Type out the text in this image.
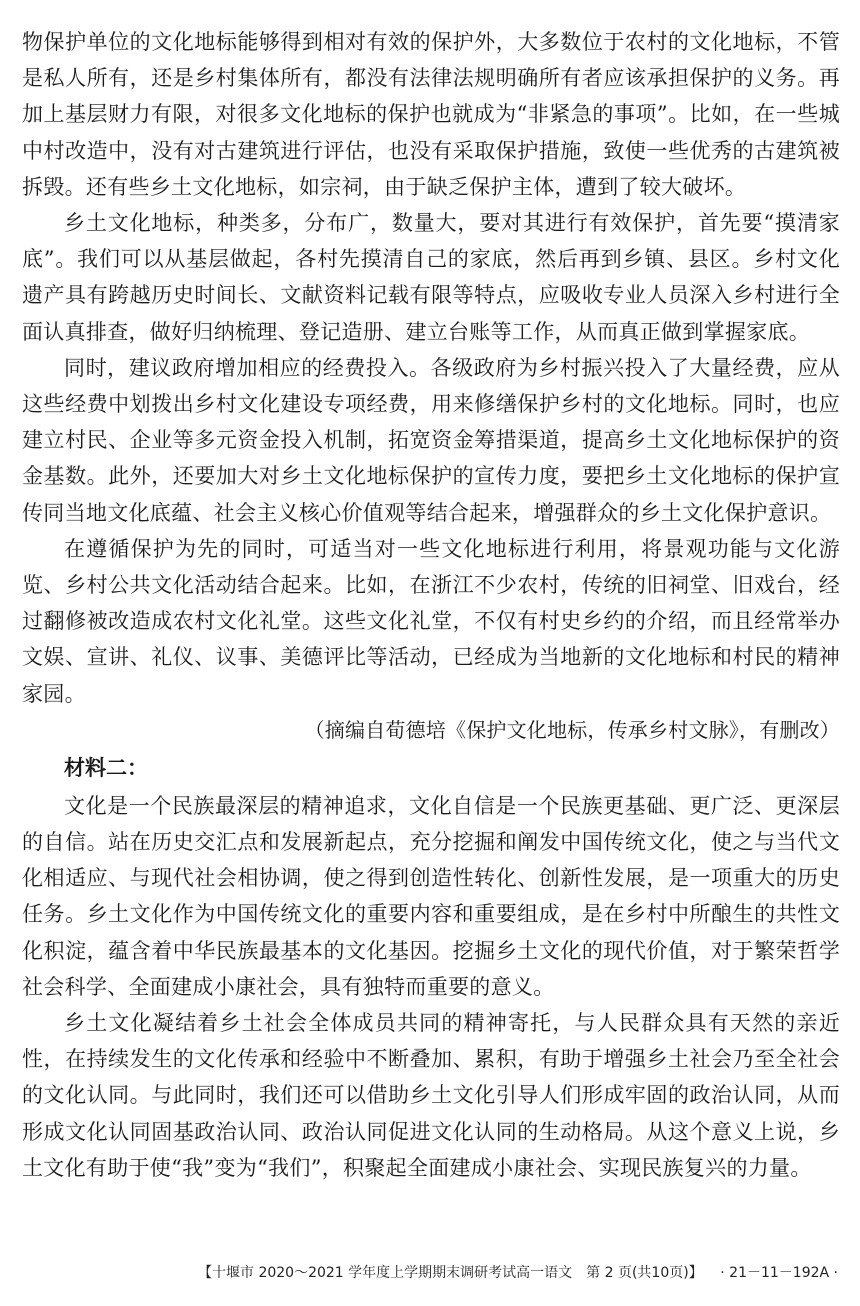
物保护单位的文化地标能够得到相对有效的保护外，大多数位于农村的文化地标，不管是私人所有，还是乡村集体所有，都没有法律法规明确所有者应该承担保护的义务。再加上基层财力有限，对很多文化地标的保护也就成为“非紧急的事项”。比如，在一些城中村改造中，没有对古建筑进行评估，也没有采取保护措施，致使一些优秀的古建筑被拆毁。还有些乡土文化地标，如宗祠，由于缺乏保护主体，遭到了较大破坏。

乡土文化地标，种类多，分布广，数量大，要对其进行有效保护，首先要“摸清家底”。我们可以从基层做起，各村先摸清自己的家底，然后再到乡镇、县区。乡村文化遗产具有跨越历史时间长、文献资料记载有限等特点，应吸收专业人员深入乡村进行全面认真排查，做好归纳梳理、登记造册、建立台账等工作，从而真正做到掌握家底。

同时，建议政府增加相应的经费投入。各级政府为乡村振兴投入了大量经费，应从这些经费中划拨出乡村文化建设专项经费，用来修缮保护乡村的文化地标。同时，也应建立村民、企业等多元资金投入机制，拓宽资金筹措渠道，提高乡土文化地标保护的资金基数。此外，还要加大对乡土文化地标保护的宣传力度，要把乡土文化地标的保护宣传同当地文化底蕴、社会主义核心价值观等结合起来，增强群众的乡土文化保护意识。

在遵循保护为先的同时，可适当对一些文化地标进行利用，将景观功能与文化游览、乡村公共文化活动结合起来。比如，在浙江不少农村，传统的旧祠堂、旧戏台，经过翻修被改造成农村文化礼堂。这些文化礼堂，不仅有村史乡约的介绍，而且经常举办文娱、宣讲、礼仪、议事、美德评比等活动，已经成为当地新的文化地标和村民的精神家园。

（摘编自荀德培《保护文化地标，传承乡村文脉》，有删改）

材料二：

文化是一个民族最深层的精神追求，文化自信是一个民族更基础、更广泛、更深层的自信。站在历史交汇点和发展新起点，充分挖掘和阐发中国传统文化，使之与当代文化相适应、与现代社会相协调，使之得到创造性转化、创新性发展，是一项重大的历史任务。乡土文化作为中国传统文化的重要内容和重要组成，是在乡村中所酿生的共性文化积淀，蕴含着中华民族最基本的文化基因。挖掘乡土文化的现代价值，对于繁荣哲学社会科学、全面建成小康社会，具有独特而重要的意义。

乡土文化凝结着乡土社会全体成员共同的精神寄托，与人民群众具有天然的亲近性，在持续发生的文化传承和经验中不断叠加、累积，有助于增强乡土社会乃至全社会的文化认同。与此同时，我们还可以借助乡土文化引导人们形成牢固的政治认同，从而形成文化认同固基政治认同、政治认同促进文化认同的生动格局。从这个意义上说，乡土文化有助于使“我”变为“我们”，积聚起全面建成小康社会、实现民族复兴的力量。

【十堰市 2020～2021 学年度上学期期末调研考试高一语文　第 2 页(共10页)】 · 21－11－192A ·
